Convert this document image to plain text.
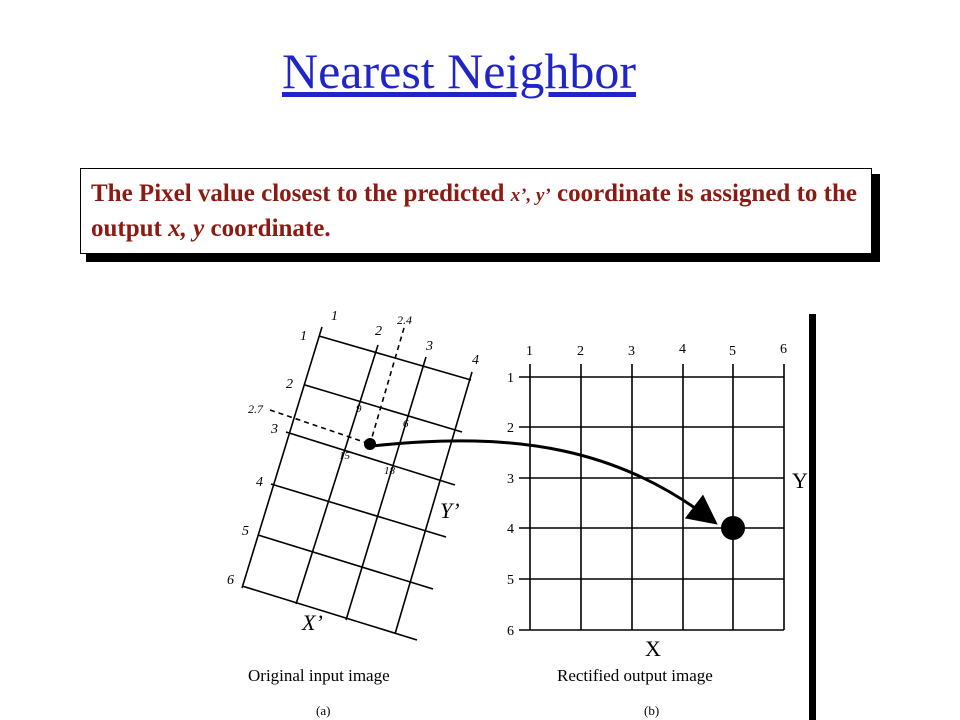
Nearest Neighbor
The Pixel value closest to the predicted x’, y’ coordinate is assigned to the output x, y coordinate.
1
2
3
4
2.4
1
2
2.7
3
4
5
6
9
6
15
18
Y’
X’
1	2	3	4	5	6
1
2
3
4
5
6
Y
X
Original input image
(a)
Rectified output image
(b)
